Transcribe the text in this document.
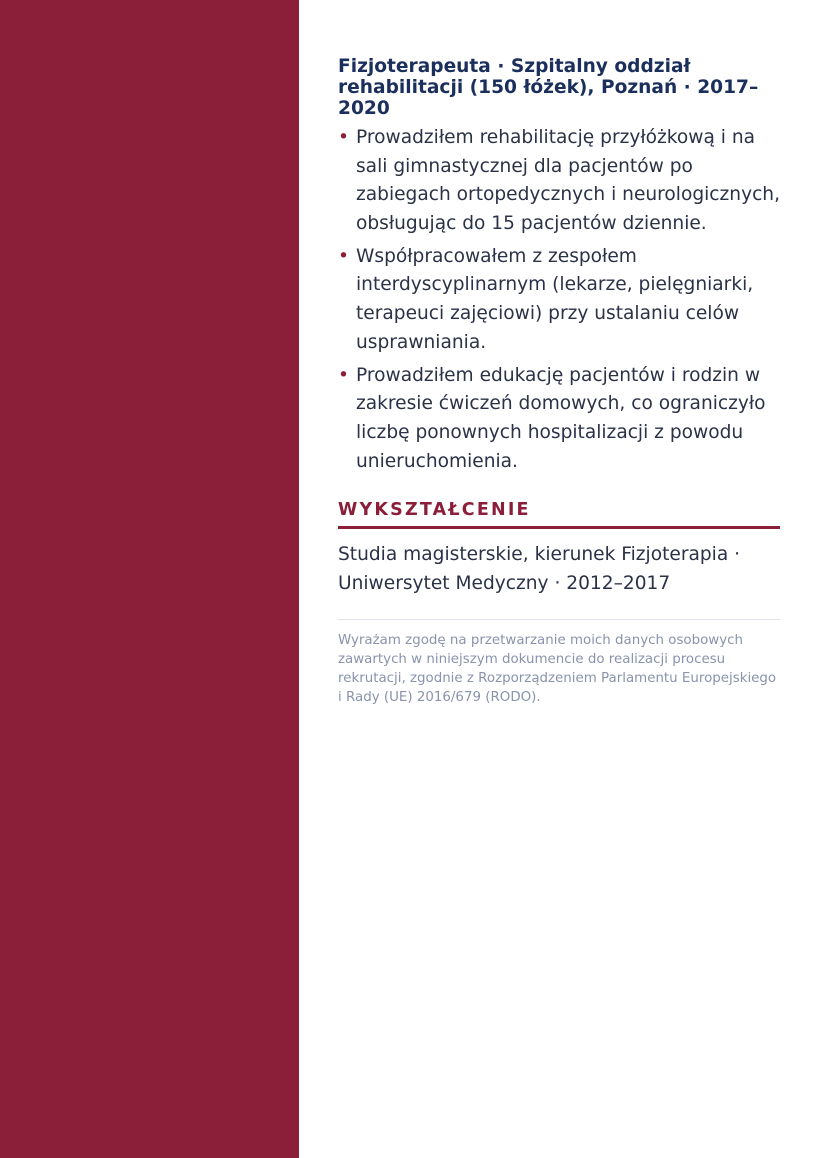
Fizjoterapeuta · Szpitalny oddział rehabilitacji (150 łóżek), Poznań · 2017–2020
• Prowadziłem rehabilitację przyłóżkową i na sali gimnastycznej dla pacjentów po zabiegach ortopedycznych i neurologicznych, obsługując do 15 pacjentów dziennie.
• Współpracowałem z zespołem interdyscyplinarnym (lekarze, pielęgniarki, terapeuci zajęciowi) przy ustalaniu celów usprawniania.
• Prowadziłem edukację pacjentów i rodzin w zakresie ćwiczeń domowych, co ograniczyło liczbę ponownych hospitalizacji z powodu unieruchomienia.
WYKSZTAŁCENIE

Studia magisterskie, kierunek Fizjoterapia · Uniwersytet Medyczny · 2012–2017

Wyrażam zgodę na przetwarzanie moich danych osobowych zawartych w niniejszym dokumencie do realizacji procesu rekrutacji, zgodnie z Rozporządzeniem Parlamentu Europejskiego i Rady (UE) 2016/679 (RODO).
